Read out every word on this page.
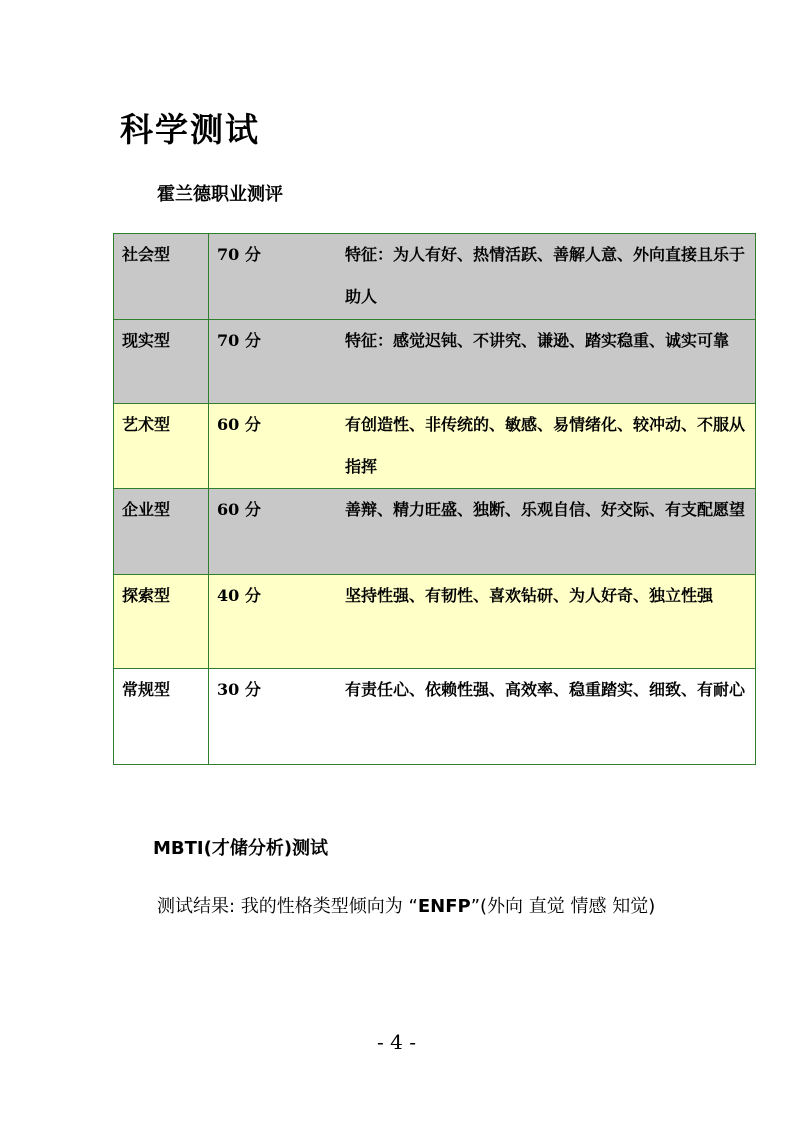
科学测试
霍兰德职业测评
社会型	70 分	特征：为人有好、热情活跃、善解人意、外向直接且乐于助人
现实型	70 分	特征：感觉迟钝、不讲究、谦逊、踏实稳重、诚实可靠
艺术型	60 分	有创造性、非传统的、敏感、易情绪化、较冲动、不服从指挥
企业型	60 分	善辩、精力旺盛、独断、乐观自信、好交际、有支配愿望
探索型	40 分	坚持性强、有韧性、喜欢钻研、为人好奇、独立性强
常规型	30 分	有责任心、依赖性强、高效率、稳重踏实、细致、有耐心
MBTI(才储分析)测试
测试结果: 我的性格类型倾向为 “ENFP”(外向 直觉 情感 知觉)
- 4 -
